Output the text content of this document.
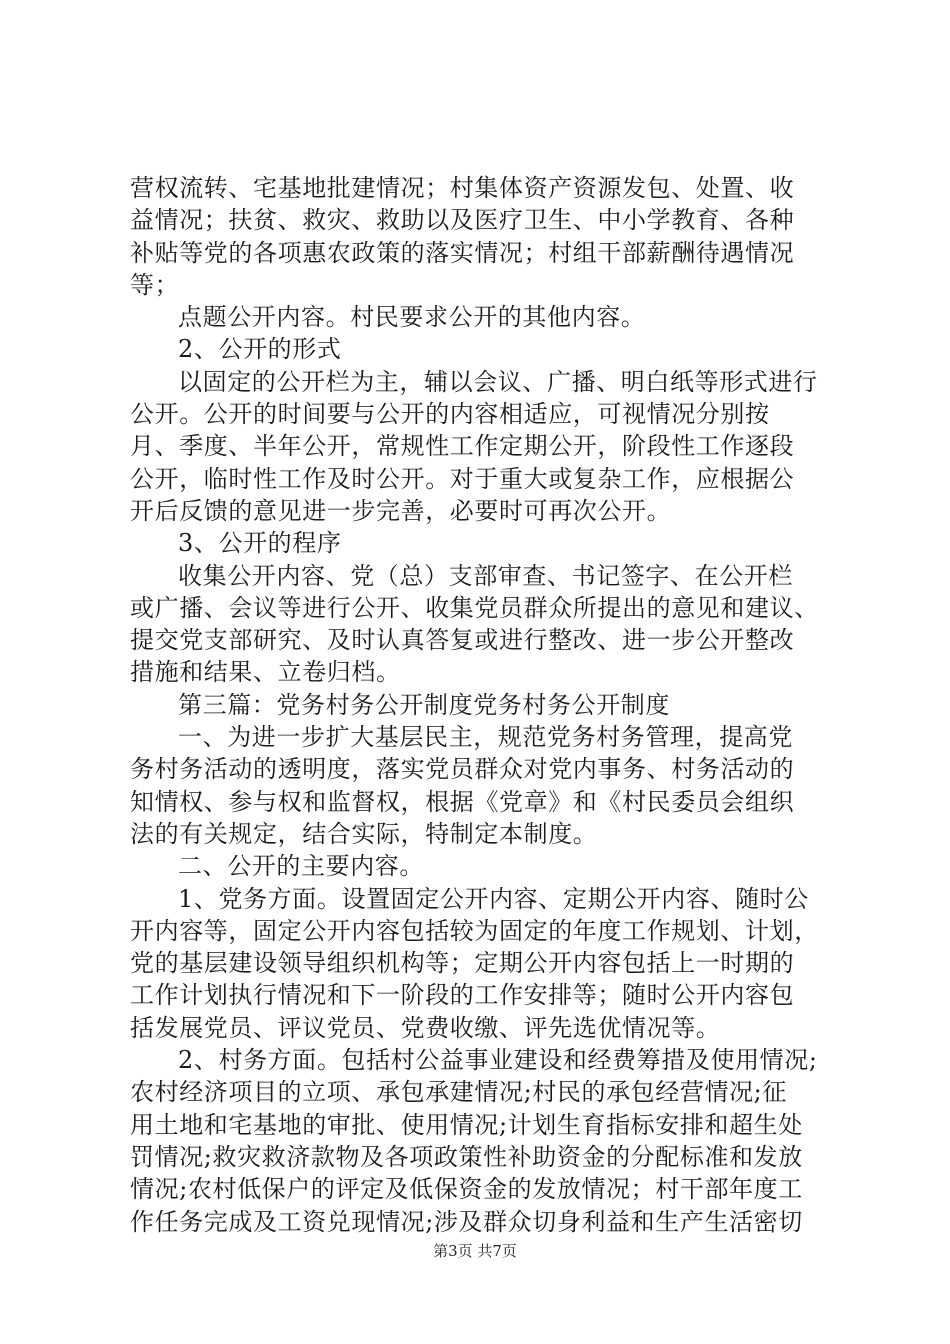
营权流转、宅基地批建情况；村集体资产资源发包、处置、收
益情况；扶贫、救灾、救助以及医疗卫生、中小学教育、各种
补贴等党的各项惠农政策的落实情况；村组干部薪酬待遇情况
等；
点题公开内容。村民要求公开的其他内容。
2、公开的形式
以固定的公开栏为主，辅以会议、广播、明白纸等形式进行
公开。公开的时间要与公开的内容相适应，可视情况分别按
月、季度、半年公开，常规性工作定期公开，阶段性工作逐段
公开，临时性工作及时公开。对于重大或复杂工作，应根据公
开后反馈的意见进一步完善，必要时可再次公开。
3、公开的程序
收集公开内容、党（总）支部审查、书记签字、在公开栏
或广播、会议等进行公开、收集党员群众所提出的意见和建议、
提交党支部研究、及时认真答复或进行整改、进一步公开整改
措施和结果、立卷归档。
第三篇：党务村务公开制度党务村务公开制度
一、为进一步扩大基层民主，规范党务村务管理，提高党
务村务活动的透明度，落实党员群众对党内事务、村务活动的
知情权、参与权和监督权，根据《党章》和《村民委员会组织
法的有关规定，结合实际，特制定本制度。
二、公开的主要内容。
1、党务方面。设置固定公开内容、定期公开内容、随时公
开内容等，固定公开内容包括较为固定的年度工作规划、计划，
党的基层建设领导组织机构等；定期公开内容包括上一时期的
工作计划执行情况和下一阶段的工作安排等；随时公开内容包
括发展党员、评议党员、党费收缴、评先选优情况等。
2、村务方面。包括村公益事业建设和经费筹措及使用情况;
农村经济项目的立项、承包承建情况;村民的承包经营情况;征
用土地和宅基地的审批、使用情况;计划生育指标安排和超生处
罚情况;救灾救济款物及各项政策性补助资金的分配标准和发放
情况;农村低保户的评定及低保资金的发放情况；村干部年度工
作任务完成及工资兑现情况;涉及群众切身利益和生产生活密切
第3页 共7页
